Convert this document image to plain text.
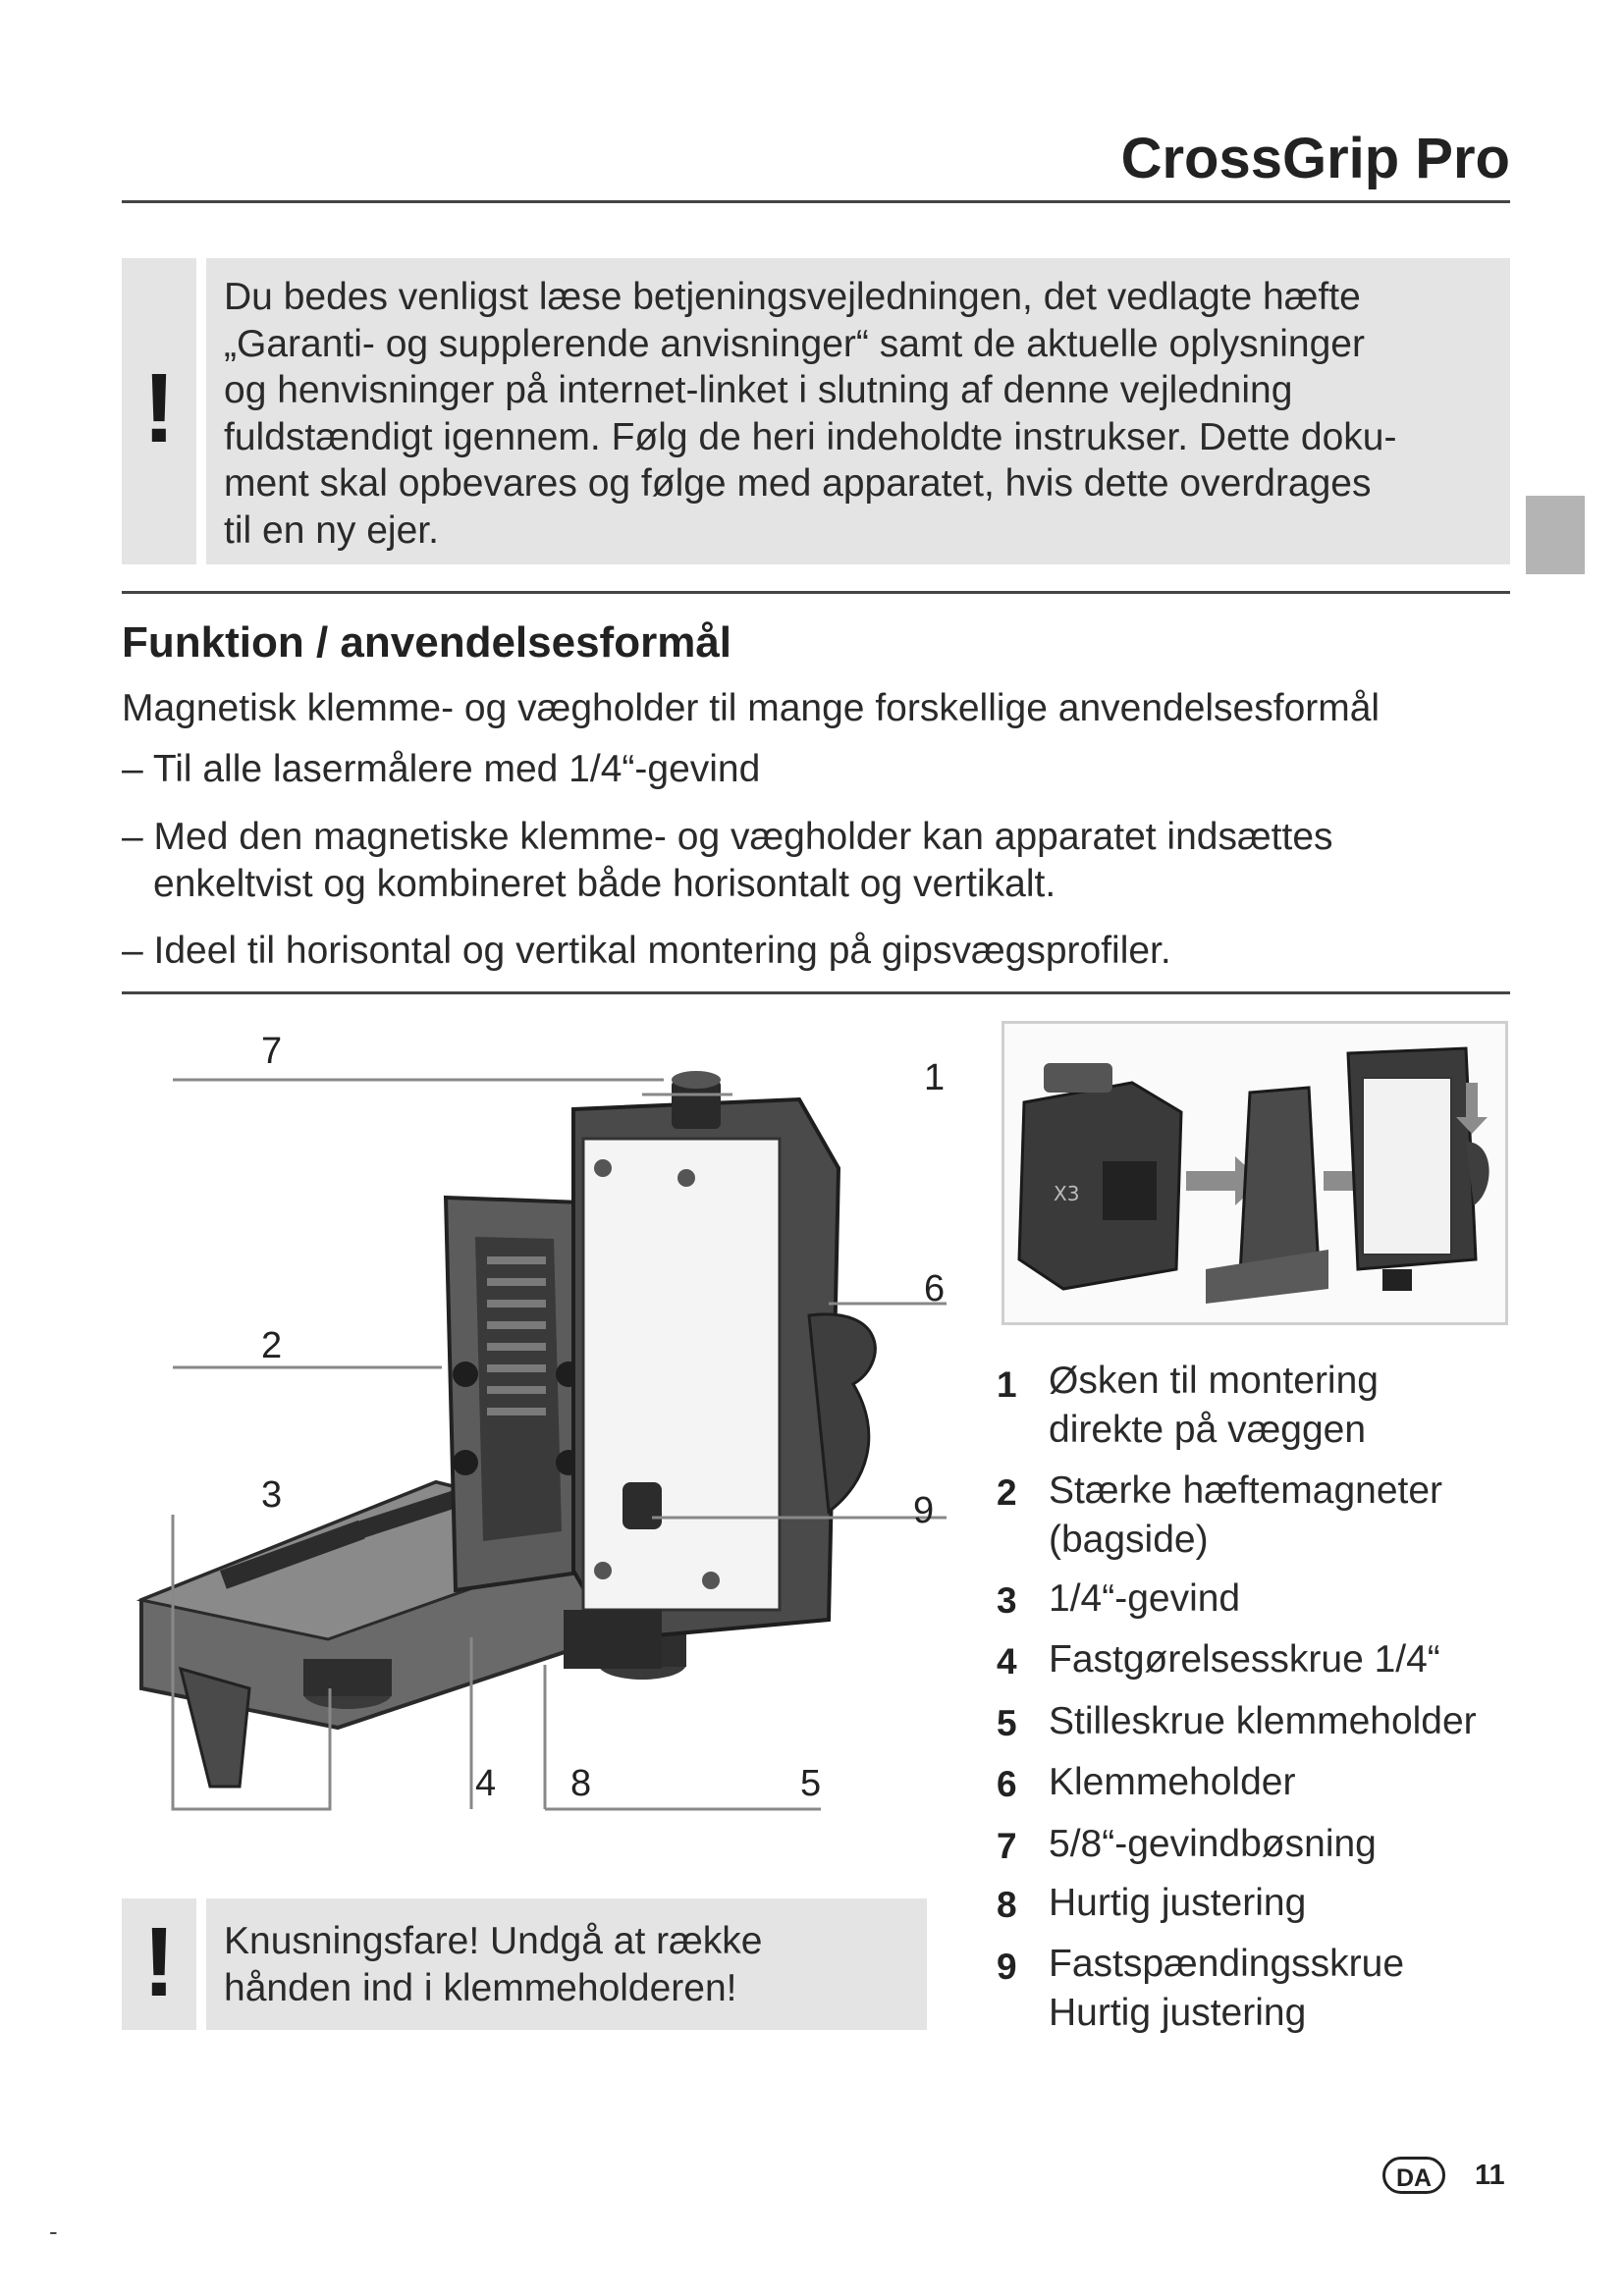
CrossGrip Pro
!
Du bedes venligst læse betjeningsvejledningen, det vedlagte hæfte
„Garanti- og supplerende anvisninger“ samt de aktuelle oplysninger
og henvisninger på internet-linket i slutning af denne vejledning
fuldstændigt igennem. Følg de heri indeholdte instrukser. Dette doku-
ment skal opbevares og følge med apparatet, hvis dette overdrages
til en ny ejer.
Funktion / anvendelsesformål
Magnetisk klemme- og vægholder til mange forskellige anvendelsesformål
– Til alle lasermålere med 1/4“-gevind
– Med den magnetiske klemme- og vægholder kan apparatet indsættes
enkeltvist og kombineret både horisontalt og vertikalt.
– Ideel til horisontal og vertikal montering på gipsvægsprofiler.
7
1
6
2
3	9
4 8	5
X3
1 Øsken til montering
direkte på væggen
2 Stærke hæftemagneter
(bagside)
3 1/4“-gevind
4 Fastgørelsesskrue 1/4“
5 Stilleskrue klemmeholder
6 Klemmeholder
7 5/8“-gevindbøsning
8 Hurtig justering
9 Fastspændingsskrue
Hurtig justering
!	Knusningsfare! Undgå at række
hånden ind i klemmeholderen!
DA	11
-
